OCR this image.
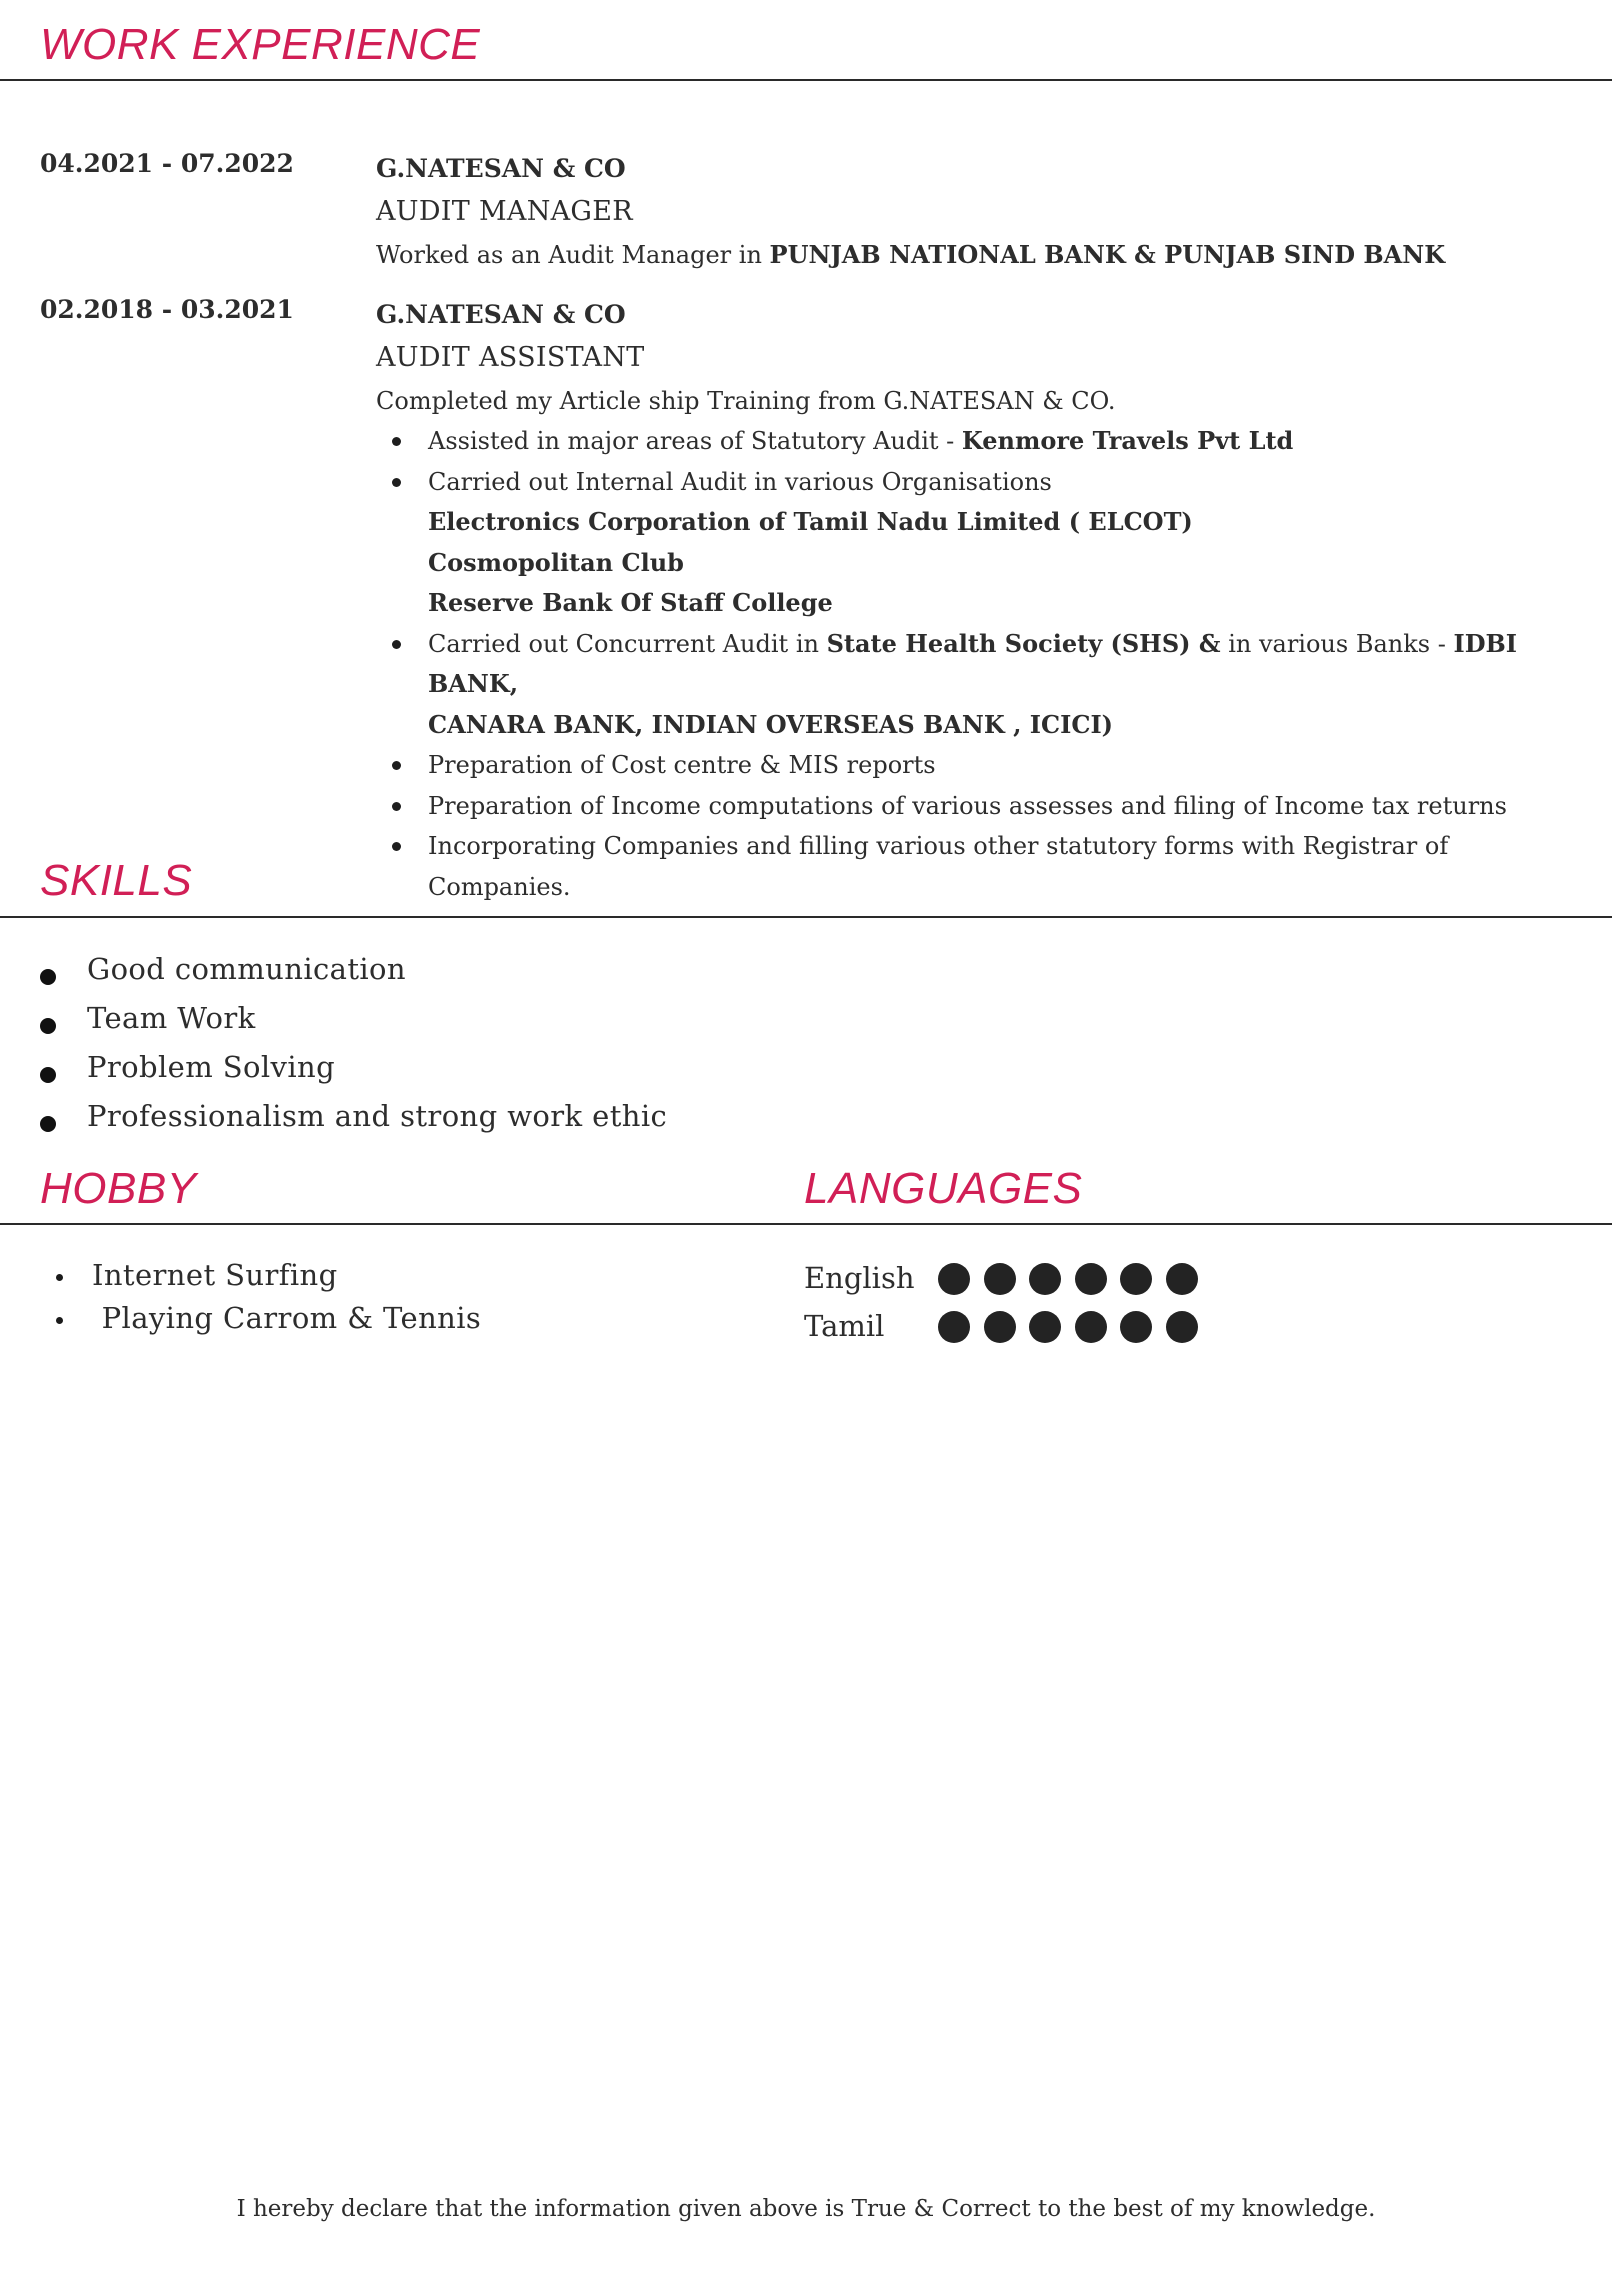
WORK EXPERIENCE
04.2021 - 07.2022	G.NATESAN & CO
AUDIT MANAGER
Worked as an Audit Manager in PUNJAB NATIONAL BANK & PUNJAB SIND BANK
02.2018 - 03.2021	G.NATESAN & CO
AUDIT ASSISTANT
Completed my Article ship Training from G.NATESAN & CO.
Assisted in major areas of Statutory Audit - Kenmore Travels Pvt Ltd
Carried out Internal Audit in various Organisations
Electronics Corporation of Tamil Nadu Limited ( ELCOT)
Cosmopolitan Club
Reserve Bank Of Staff College
Carried out Concurrent Audit in State Health Society (SHS) & in various Banks - IDBI BANK,
CANARA BANK, INDIAN OVERSEAS BANK , ICICI)
Preparation of Cost centre & MIS reports
Preparation of Income computations of various assesses and filing of Income tax returns
Incorporating Companies and filling various other statutory forms with Registrar of Companies.
SKILLS
Good communication
Team Work
Problem Solving
Professionalism and strong work ethic
HOBBY	LANGUAGES
Internet Surfing
Playing Carrom & Tennis
English
Tamil
I hereby declare that the information given above is True & Correct to the best of my knowledge.
